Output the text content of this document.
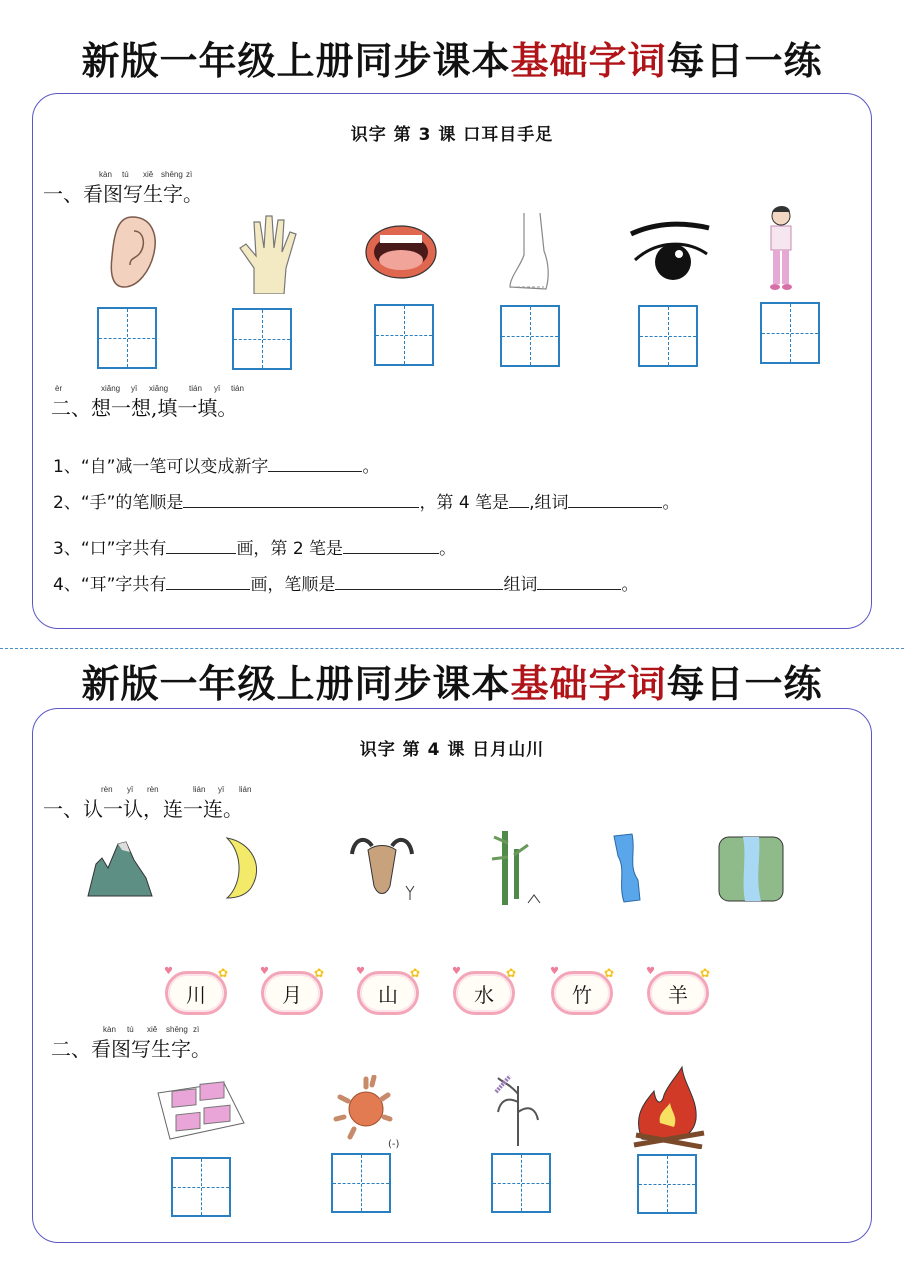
新版一年级上册同步课本基础字词每日一练
识字 第 3 课 口耳目手足
kàn tú xiě shēng zì
一、看图写生字。
èr	xiǎng yī xiǎng	tián yī tián
二、想一想,填一填。
1、“自”减一笔可以变成新字	。
2、“手”的笔顺是	，第 4 笔是 ,组词	。
3、“口”字共有	画，第 2 笔是	。
4、“耳”字共有	画，笔顺是	组词	。
新版一年级上册同步课本基础字词每日一练
识字 第 4 课 日月山川
rèn yī rèn	lián yī lián
一、认一认，连一连。
♥	✿
川
♥	✿
月
♥	✿
山
♥	✿
水
♥	✿
竹
♥	✿
羊
kàn tú xiě shēng zì
二、看图写生字。
(-)
